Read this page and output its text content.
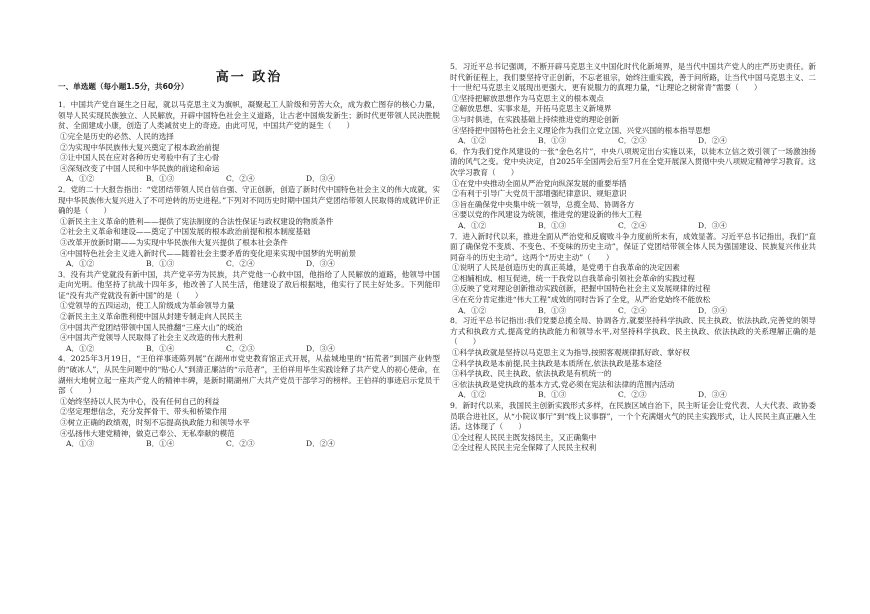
高一 政治

一、单选题（每小题1.5分，共60分）

1．中国共产党自诞生之日起，就以马克思主义为旗帜，凝聚起工人阶级和劳苦大众，成为救亡图存的核心力量，领导人民实现民族独立、人民解放，开辟中国特色社会主义道路，让古老中国焕发新生；新时代更带领人民决胜脱贫、全面建成小康，创造了人类减贫史上的奇迹。由此可见，中国共产党的诞生（　　）

①完全是历史的必然、人民的选择

②为实现中华民族伟大复兴奠定了根本政治前提

③让中国人民在应对各种历史考验中有了主心骨

④深刻改变了中国人民和中华民族的前途和命运

A．①②	B．①③	C．②④	D．③④

2．党的二十大报告指出：“党团结带领人民自信自强、守正创新，创造了新时代中国特色社会主义的伟大成就，实现中华民族伟大复兴进入了不可逆转的历史进程。”下列对不同历史时期中国共产党团结带领人民取得的成就评价正确的是（　　）

①新民主主义革命的胜利——提供了宪法制度的合法性保证与政权建设的物质条件

②社会主义革命和建设——奠定了中国发展的根本政治前提和根本制度基础

③改革开放新时期——为实现中华民族伟大复兴提供了根本社会条件

④中国特色社会主义进入新时代——随着社会主要矛盾的变化迎来实现中国梦的光明前景

A．①②	B．①③	C．②④	D．③④

3．没有共产党就没有新中国，共产党辛劳为民族，共产党他一心救中国，他指给了人民解放的道路，他领导中国走向光明。他坚持了抗战十四年多，他改善了人民生活，他建设了敌后根据地，他实行了民主好处多。下列能印证“没有共产党就没有新中国”的是（　　）

①党领导的五四运动，使工人阶级成为革命领导力量

②新民主主义革命胜利使中国从封建专制走向人民民主

③中国共产党团结带领中国人民推翻“三座大山”的统治

④中国共产党领导人民取得了社会主义改造的伟大胜利

A．①②	B．①④	C．②③	D．③④

4．2025年3月19日，“王伯祥事迹陈列展”在湖州市党史教育馆正式开展，从盐城地里的“拓荒者”到国产业转型的“破冰人”，从民生问题中的“贴心人”到清正廉洁的“示范者”，王伯祥用毕生实践诠释了共产党人的初心使命，在湖州大地树立起一座共产党人的精神丰碑，是新时期湖州广大共产党员干部学习的榜样。王伯祥的事迹启示党员干部（　　）

①始终坚持以人民为中心，没有任何自己的利益

②坚定理想信念，充分发挥骨干、带头和桥梁作用

③树立正确的政绩观，时刻不忘提高执政能力和领导水平

④弘扬伟大建党精神，做克己奉公、无私奉献的模范

A．①③	B．①④	C．②③	D．②④

5．习近平总书记强调，不断开辟马克思主义中国化时代化新境界，是当代中国共产党人的庄严历史责任。新时代新征程上，我们要坚持守正创新，不忘老祖宗，始终注重实践，善于问所路，让当代中国马克思主义、二十一世纪马克思主义展现出更强大、更有说服力的真理力量，“让理论之树常青”需要（　　）

①坚持把解放思想作为马克思主义的根本观点

②解放思想、实事求是，开拓马克思主义新境界

③与时俱进，在实践基础上持续推进党的理论创新

④坚持把中国特色社会主义理论作为我们立党立国、兴党兴国的根本指导思想

A．①②	B．①③	C．②③	D．②④

6．作为我们党作风建设的一张“金色名片”，中央八项规定出台实施以来，以徙木立信之效引领了一场激浊扬清的风气之变。党中央决定，自2025年全国两会后至7月在全党开展深入贯彻中央八项规定精神学习教育。这次学习教育（　　）

①在党中央推动全面从严治党向纵深发展的重要举措

②有利于引导广大党员干部增强纪律意识、规矩意识

③旨在确保党中央集中统一领导，总揽全局、协调各方

④要以党的作风建设为统领，推进党的建设新的伟大工程

A．①②	B．①③	C．②④	D．③④

7．进入新时代以来，推进全面从严治党和反腐败斗争力度前所未有，成效显著。习近平总书记指出，我们“直面了确保党不变质、不变色、不变味的历史主动”，保证了党团结带领全体人民为强国建设、民族复兴伟业共同奋斗的历史主动”。这两个“历史主动”（　　）

①说明了人民是创造历史的真正英雄，是党勇于自我革命的决定因素

②相辅相成、相互促进，统一于我党以自我革命引领社会革命的实践过程

③反映了党对理论创新推动实践创新，把握中国特色社会主义发展规律的过程

④在充分肯定推进“伟大工程”成效的同时告诉了全党，从严治党始终不能放松

A．①②	B．①③	C．②④	D．③④

8．习近平总书记指出:我们党要总揽全局、协调各方,就要坚持科学执政、民主执政、依法执政,完善党的领导方式和执政方式,提高党的执政能力和领导水平,对坚持科学执政、民主执政、依法执政的关系理解正确的是（　　）

①科学执政就是坚持以马克思主义为指导,按照客观规律抓好政、掌好权

②科学执政是本前提,民主执政是本质所在,依法执政是基本途径

③科学执政、民主执政、依法执政是有机统一的

④依法执政是党执政的基本方式,党必须在宪法和法律的范围内活动

A．①②	B．①③	C．②③	D．③④

9．新时代以来，我国民主创新实践形式多样，在民族区域自治下，民主听证会让党代表、人大代表、政协委员联合进社区，从“小院议事厅”到“线上议事群”，一个个充满烟火气的民主实践形式，让人民民主真正融入生活。这体现了（　　）

①全过程人民民主既发扬民主，又正确集中

②全过程人民民主完全保障了人民民主权利
